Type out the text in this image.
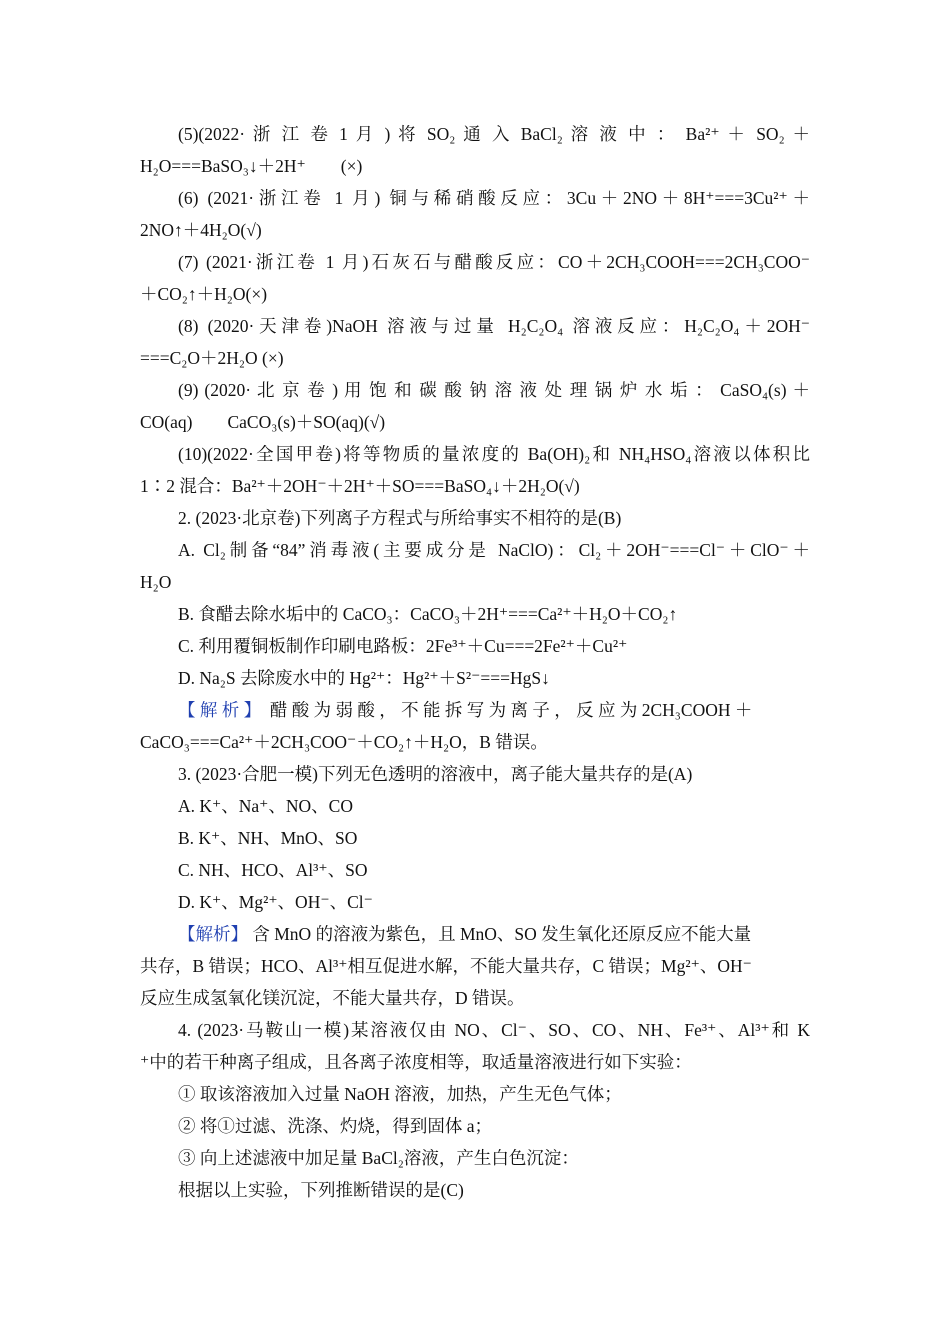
(5)(2022· 浙 江 卷 1 月 ) 将 SO₂ 通 入 BaCl₂ 溶 液 中 ： Ba²⁺ ＋ SO₂ ＋

H₂O===BaSO₃↓＋2H⁺　　(×)

(6) (2021·浙江卷 1 月) 铜与稀硝酸反应：3Cu＋2NO＋8H⁺===3Cu²⁺＋

2NO↑＋4H₂O(√)

(7) (2021·浙江卷 1 月)石灰石与醋酸反应：CO＋2CH₃COOH===2CH₃COO⁻

＋CO₂↑＋H₂O(×)

(8) (2020·天津卷)NaOH 溶液与过量 H₂C₂O₄ 溶液反应：H₂C₂O₄＋2OH⁻

===C₂O＋2H₂O (×)

(9) (2020· 北 京 卷 ) 用 饱 和 碳 酸 钠 溶 液 处 理 锅 炉 水 垢 ： CaSO₄(s) ＋

CO(aq)　　CaCO₃(s)＋SO(aq)(√)

(10)(2022·全国甲卷)将等物质的量浓度的 Ba(OH)₂和 NH₄HSO₄溶液以体积比

1∶2 混合：Ba²⁺＋2OH⁻＋2H⁺＋SO===BaSO₄↓＋2H₂O(√)

2. (2023·北京卷)下列离子方程式与所给事实不相符的是(B)

A. Cl₂制备“84”消毒液(主要成分是 NaClO)：Cl₂＋2OH⁻===Cl⁻＋ClO⁻＋

H₂O

B. 食醋去除水垢中的 CaCO₃：CaCO₃＋2H⁺===Ca²⁺＋H₂O＋CO₂↑

C. 利用覆铜板制作印刷电路板：2Fe³⁺＋Cu===2Fe²⁺＋Cu²⁺

D. Na₂S 去除废水中的 Hg²⁺：Hg²⁺＋S²⁻===HgS↓

【 解 析 】　 醋 酸 为 弱 酸 ， 不 能 拆 写 为 离 子 ， 反 应 为 2CH₃COOH ＋

CaCO₃===Ca²⁺＋2CH₃COO⁻＋CO₂↑＋H₂O，B 错误。

3. (2023·合肥一模)下列无色透明的溶液中，离子能大量共存的是(A)

A. K⁺、Na⁺、NO、CO

B. K⁺、NH、MnO、SO

C. NH、HCO、Al³⁺、SO

D. K⁺、Mg²⁺、OH⁻、Cl⁻

【解析】 含 MnO 的溶液为紫色，且 MnO、SO 发生氧化还原反应不能大量

共存，B 错误；HCO、Al³⁺相互促进水解，不能大量共存，C 错误；Mg²⁺、OH⁻

反应生成氢氧化镁沉淀，不能大量共存，D 错误。

4. (2023·马鞍山一模)某溶液仅由 NO、Cl⁻、SO、CO、NH、Fe³⁺、Al³⁺和 K

⁺中的若干种离子组成，且各离子浓度相等，取适量溶液进行如下实验：

① 取该溶液加入过量 NaOH 溶液，加热，产生无色气体；

② 将①过滤、洗涤、灼烧，得到固体 a；

③ 向上述滤液中加足量 BaCl₂溶液，产生白色沉淀：

根据以上实验，下列推断错误的是(C)
